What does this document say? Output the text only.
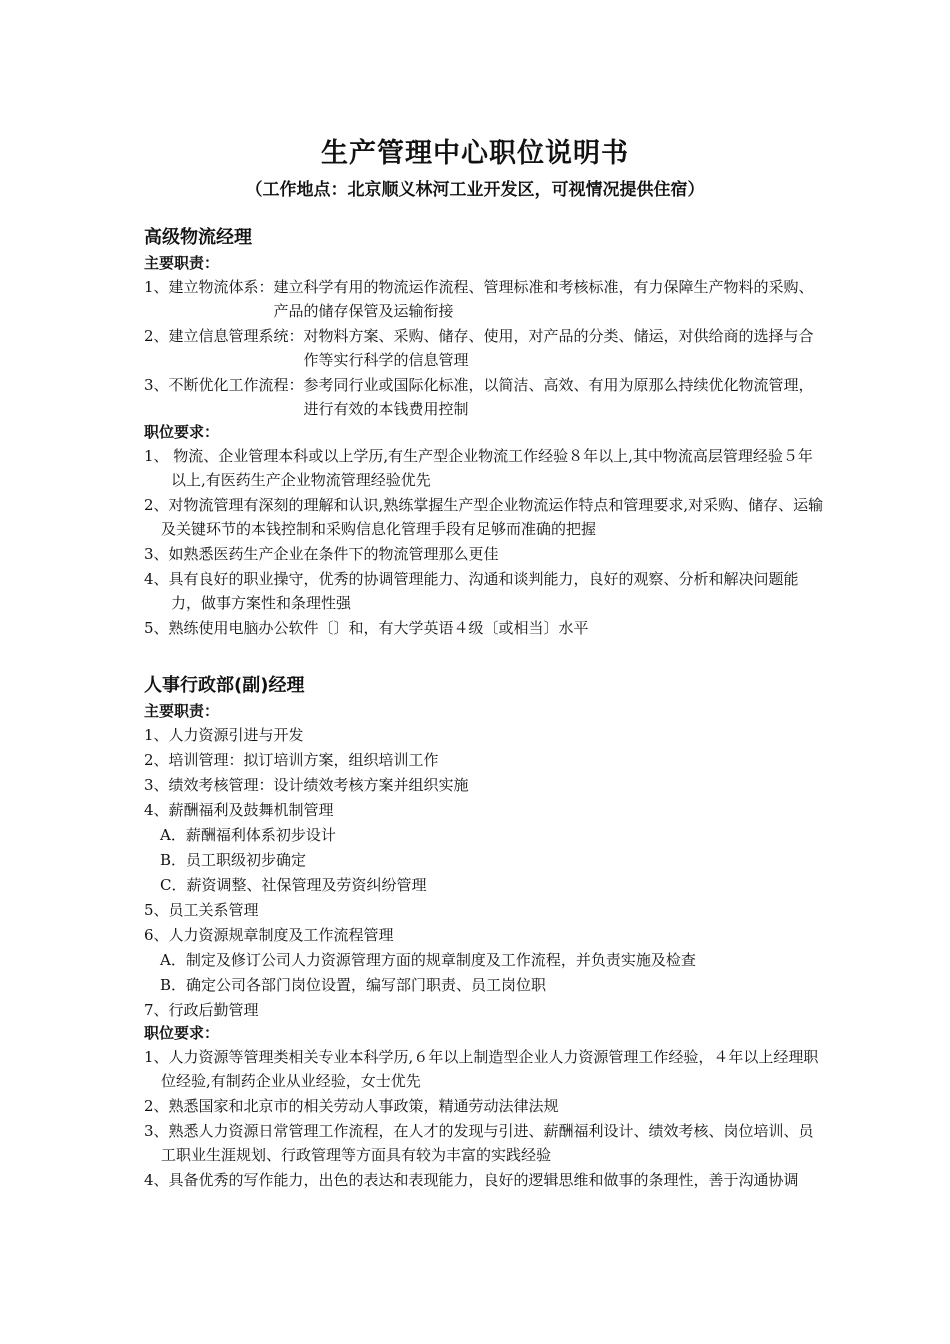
生产管理中心职位说明书
（工作地点：北京顺义林河工业开发区，可视情况提供住宿）
高级物流经理
主要职责：
1、建立物流体系： 建立科学有用的物流运作流程、管理标准和考核标准，有力保障生产物料的采购、产品的储存保管及运输衔接
2、建立信息管理系统： 对物料方案、采购、储存、使用，对产品的分类、储运，对供给商的选择与合作等实行科学的信息管理
3、不断优化工作流程： 参考同行业或国际化标准，以简洁、高效、有用为原那么持续优化物流管理，进行有效的本钱费用控制
职位要求：
1、 物流、企业管理本科或以上学历,有生产型企业物流工作经验８年以上,其中物流高层管理经验５年以上,有医药生产企业物流管理经验优先
2、对物流管理有深刻的理解和认识,熟练掌握生产型企业物流运作特点和管理要求,对采购、储存、运输及关键环节的本钱控制和采购信息化管理手段有足够而准确的把握
3、如熟悉医药生产企业在条件下的物流管理那么更佳
4、具有良好的职业操守，优秀的协调管理能力、沟通和谈判能力，良好的观察、分析和解决问题能力，做事方案性和条理性强
5、熟练使用电脑办公软件〔〕和，有大学英语４级〔或相当〕水平
人事行政部(副)经理
主要职责：
1、人力资源引进与开发
2、培训管理：拟订培训方案，组织培训工作
3、绩效考核管理：设计绩效考核方案并组织实施
4、薪酬福利及鼓舞机制管理
A．薪酬福利体系初步设计
B．员工职级初步确定
C．薪资调整、社保管理及劳资纠纷管理
5、员工关系管理
6、人力资源规章制度及工作流程管理
A．制定及修订公司人力资源管理方面的规章制度及工作流程，并负责实施及检查
B．确定公司各部门岗位设置，编写部门职责、员工岗位职
7、行政后勤管理
职位要求：
1、人力资源等管理类相关专业本科学历,６年以上制造型企业人力资源管理工作经验，４年以上经理职位经验,有制药企业从业经验，女士优先
2、熟悉国家和北京市的相关劳动人事政策，精通劳动法律法规
3、熟悉人力资源日常管理工作流程，在人才的发现与引进、薪酬福利设计、绩效考核、岗位培训、员工职业生涯规划、行政管理等方面具有较为丰富的实践经验
4、具备优秀的写作能力，出色的表达和表现能力，良好的逻辑思维和做事的条理性，善于沟通协调
